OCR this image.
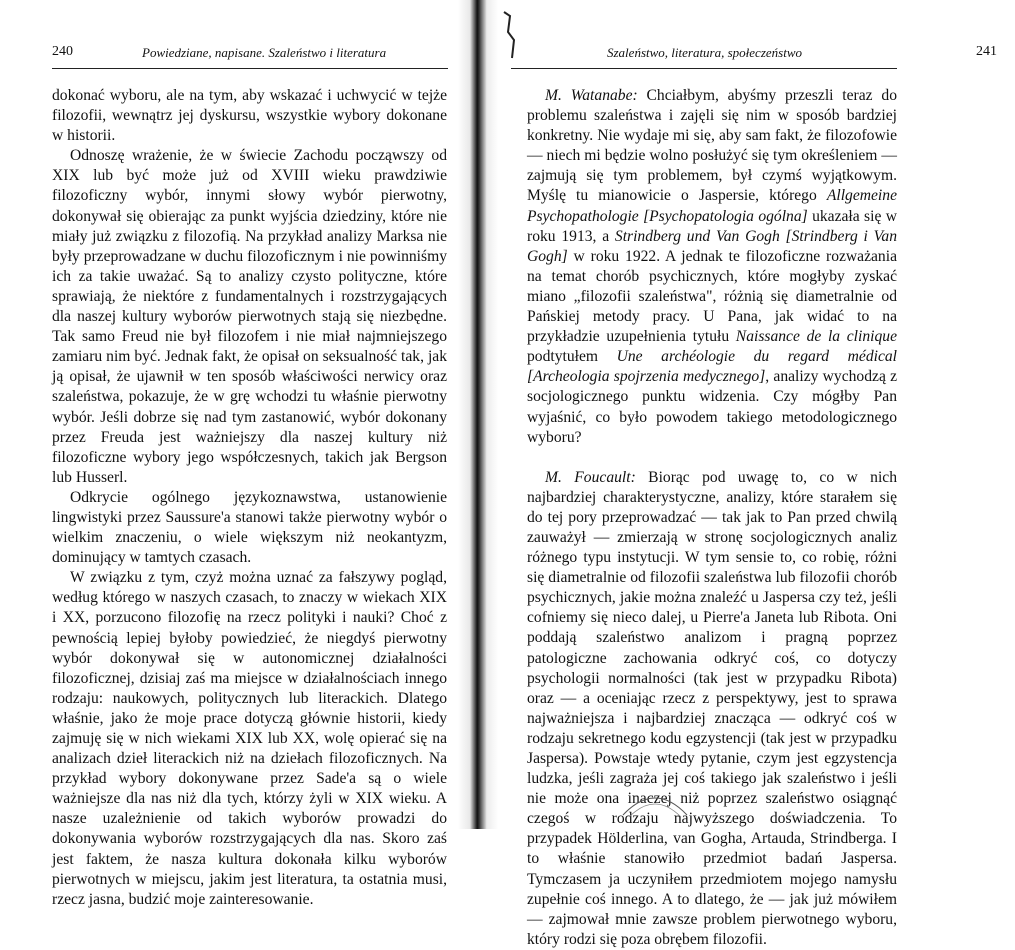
240	Powiedziane, napisane. Szaleństwo i literatura

dokonać wyboru, ale na tym, aby wskazać i uchwycić w tejże filozofii, wewnątrz jej dyskursu, wszystkie wybory dokonane w historii.

Odnoszę wrażenie, że w świecie Zachodu począwszy od XIX lub być może już od XVIII wieku prawdziwie filozoficzny wybór, innymi słowy wybór pierwotny, dokonywał się obierając za punkt wyjścia dziedziny, które nie miały już związku z filozofią. Na przykład analizy Marksa nie były przeprowadzane w duchu filozoficznym i nie powinniśmy ich za takie uważać. Są to analizy czysto polityczne, które sprawiają, że niektóre z fundamentalnych i rozstrzygających dla naszej kultury wyborów pierwotnych stają się niezbędne. Tak samo Freud nie był filozofem i nie miał najmniejszego zamiaru nim być. Jednak fakt, że opisał on seksualność tak, jak ją opisał, że ujawnił w ten sposób właściwości nerwicy oraz szaleństwa, pokazuje, że w grę wchodzi tu właśnie pierwotny wybór. Jeśli dobrze się nad tym zastanowić, wybór dokonany przez Freuda jest ważniejszy dla naszej kultury niż filozoficzne wybory jego współczesnych, takich jak Bergson lub Husserl.

Odkrycie ogólnego językoznawstwa, ustanowienie lingwistyki przez Saussure'a stanowi także pierwotny wybór o wielkim znaczeniu, o wiele większym niż neokantyzm, dominujący w tamtych czasach.

W związku z tym, czyż można uznać za fałszywy pogląd, według którego w naszych czasach, to znaczy w wiekach XIX i XX, porzucono filozofię na rzecz polityki i nauki? Choć z pewnością lepiej byłoby powiedzieć, że niegdyś pierwotny wybór dokonywał się w autonomicznej działalności filozoficznej, dzisiaj zaś ma miejsce w działalnościach innego rodzaju: naukowych, politycznych lub literackich. Dlatego właśnie, jako że moje prace dotyczą głównie historii, kiedy zajmuję się w nich wiekami XIX lub XX, wolę opierać się na analizach dzieł literackich niż na dziełach filozoficznych. Na przykład wybory dokonywane przez Sade'a są o wiele ważniejsze dla nas niż dla tych, którzy żyli w XIX wieku. A nasze uzależnienie od takich wyborów prowadzi do dokonywania wyborów rozstrzygających dla nas. Skoro zaś jest faktem, że nasza kultura dokonała kilku wyborów pierwotnych w miejscu, jakim jest literatura, ta ostatnia musi, rzecz jasna, budzić moje zainteresowanie.

Szaleństwo, literatura, społeczeństwo	241

M. Watanabe: Chciałbym, abyśmy przeszli teraz do problemu szaleństwa i zajęli się nim w sposób bardziej konkretny. Nie wydaje mi się, aby sam fakt, że filozofowie — niech mi będzie wolno posłużyć się tym określeniem — zajmują się tym problemem, był czymś wyjątkowym. Myślę tu mianowicie o Jaspersie, którego Allgemeine Psychopathologie [Psychopatologia ogólna] ukazała się w roku 1913, a Strindberg und Van Gogh [Strindberg i Van Gogh] w roku 1922. A jednak te filozoficzne rozważania na temat chorób psychicznych, które mogłyby zyskać miano „filozofii szaleństwa", różnią się diametralnie od Pańskiej metody pracy. U Pana, jak widać to na przykładzie uzupełnienia tytułu Naissance de la clinique podtytułem Une archéologie du regard médical [Archeologia spojrzenia medycznego], analizy wychodzą z socjologicznego punktu widzenia. Czy mógłby Pan wyjaśnić, co było powodem takiego metodologicznego wyboru?

M. Foucault: Biorąc pod uwagę to, co w nich najbardziej charakterystyczne, analizy, które starałem się do tej pory przeprowadzać — tak jak to Pan przed chwilą zauważył — zmierzają w stronę socjologicznych analiz różnego typu instytucji. W tym sensie to, co robię, różni się diametralnie od filozofii szaleństwa lub filozofii chorób psychicznych, jakie można znaleźć u Jaspersa czy też, jeśli cofniemy się nieco dalej, u Pierre'a Janeta lub Ribota. Oni poddają szaleństwo analizom i pragną poprzez patologiczne zachowania odkryć coś, co dotyczy psychologii normalności (tak jest w przypadku Ribota) oraz — a oceniając rzecz z perspektywy, jest to sprawa najważniejsza i najbardziej znacząca — odkryć coś w rodzaju sekretnego kodu egzystencji (tak jest w przypadku Jaspersa). Powstaje wtedy pytanie, czym jest egzystencja ludzka, jeśli zagraża jej coś takiego jak szaleństwo i jeśli nie może ona inaczej niż poprzez szaleństwo osiągnąć czegoś w rodzaju najwyższego doświadczenia. To przypadek Hölderlina, van Gogha, Artauda, Strindberga. I to właśnie stanowiło przedmiot badań Jaspersa. Tymczasem ja uczyniłem przedmiotem mojego namysłu zupełnie coś innego. A to dlatego, że — jak już mówiłem — zajmował mnie zawsze problem pierwotnego wyboru, który rodzi się poza obrębem filozofii.
